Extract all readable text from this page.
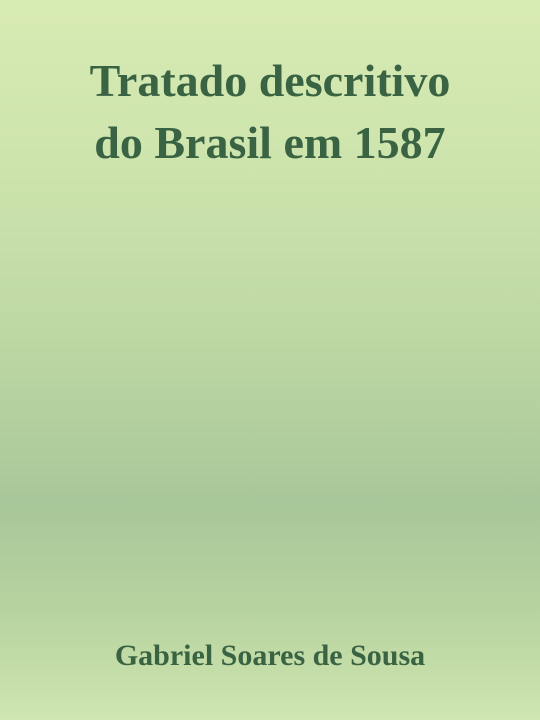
Tratado descritivo
do Brasil em 1587

Gabriel Soares de Sousa
